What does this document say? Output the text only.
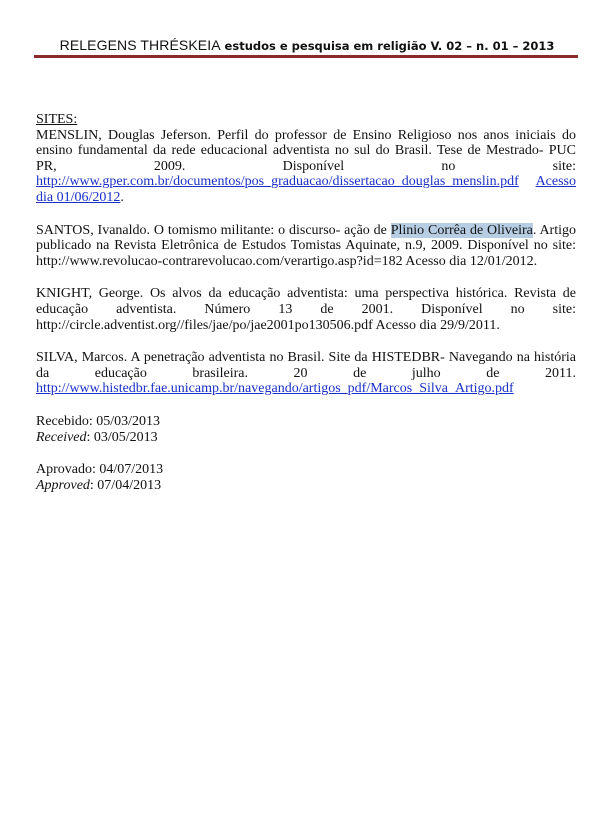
RELEGENS THRÉSKEIA estudos e pesquisa em religião V. 02 – n. 01 – 2013
SITES:
MENSLIN, Douglas Jeferson. Perfil do professor de Ensino Religioso nos anos iniciais do ensino fundamental da rede educacional adventista no sul do Brasil. Tese de Mestrado- PUC PR, 2009. Disponível no site: http://www.gper.com.br/documentos/pos_graduacao/dissertacao_douglas_menslin.pdf Acesso dia 01/06/2012.
SANTOS, Ivanaldo. O tomismo militante: o discurso- ação de Plinio Corrêa de Oliveira. Artigo publicado na Revista Eletrônica de Estudos Tomistas Aquinate, n.9, 2009. Disponível no site: http://www.revolucao-contrarevolucao.com/verartigo.asp?id=182 Acesso dia 12/01/2012.
KNIGHT, George. Os alvos da educação adventista: uma perspectiva histórica. Revista de educação adventista. Número 13 de 2001. Disponível no site: http://circle.adventist.org//files/jae/po/jae2001po130506.pdf Acesso dia 29/9/2011.
SILVA, Marcos. A penetração adventista no Brasil. Site da HISTEDBR- Navegando na história da educação brasileira. 20 de julho de 2011. http://www.histedbr.fae.unicamp.br/navegando/artigos_pdf/Marcos_Silva_Artigo.pdf
Recebido: 05/03/2013
Received: 03/05/2013
Aprovado: 04/07/2013
Approved: 07/04/2013
